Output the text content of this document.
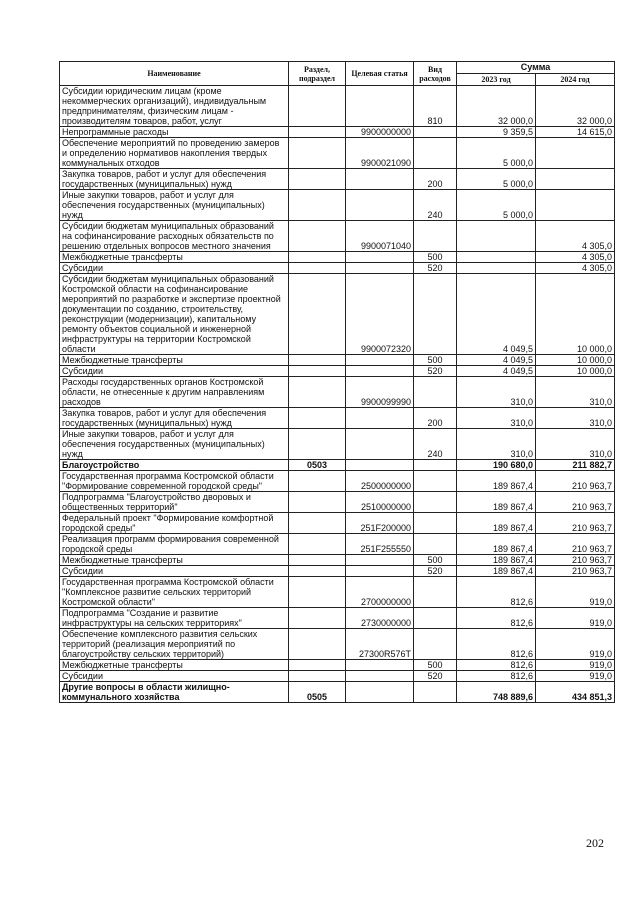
Наименование	Раздел, подраздел	Целевая статья	Вид расходов	Сумма	
				2023 год	2024 год
Субсидии юридическим лицам (кроме некоммерческих организаций), индивидуальным предпринимателям, физическим лицам - производителям товаров, работ, услуг			810	32 000,0	32 000,0
Непрограммные расходы		9900000000		9 359,5	14 615,0
Обеспечение мероприятий по проведению замеров и определению нормативов накопления твердых коммунальных отходов		9900021090		5 000,0	
Закупка товаров, работ и услуг для обеспечения государственных (муниципальных) нужд			200	5 000,0	
Иные закупки товаров, работ и услуг для обеспечения государственных (муниципальных) нужд			240	5 000,0	
Субсидии бюджетам муниципальных образований на софинансирование расходных обязательств по решению отдельных вопросов местного значения		9900071040			4 305,0
Межбюджетные трансферты			500		4 305,0
Субсидии			520		4 305,0
Субсидии бюджетам муниципальных образований Костромской области на софинансирование мероприятий по разработке и экспертизе проектной документации по созданию, строительству, реконструкции (модернизации), капитальному ремонту объектов социальной и инженерной инфраструктуры на территории Костромской области		9900072320		4 049,5	10 000,0
Межбюджетные трансферты			500	4 049,5	10 000,0
Субсидии			520	4 049,5	10 000,0
Расходы государственных органов Костромской области, не отнесенные к другим направлениям расходов		9900099990		310,0	310,0
Закупка товаров, работ и услуг для обеспечения государственных (муниципальных) нужд			200	310,0	310,0
Иные закупки товаров, работ и услуг для обеспечения государственных (муниципальных) нужд			240	310,0	310,0
Благоустройство	0503			190 680,0	211 882,7
Государственная программа Костромской области "Формирование современной городской среды"		2500000000		189 867,4	210 963,7
Подпрограмма "Благоустройство дворовых и общественных территорий"		2510000000		189 867,4	210 963,7
Федеральный проект "Формирование комфортной городской среды"		251F200000		189 867,4	210 963,7
Реализация программ формирования современной городской среды		251F255550		189 867,4	210 963,7
Межбюджетные трансферты			500	189 867,4	210 963,7
Субсидии			520	189 867,4	210 963,7
Государственная программа Костромской области "Комплексное развитие сельских территорий Костромской области"		2700000000		812,6	919,0
Подпрограмма "Создание и развитие инфраструктуры на сельских территориях"		2730000000		812,6	919,0
Обеспечение комплексного развития сельских территорий (реализация мероприятий по благоустройству сельских территорий)		27300R576T		812,6	919,0
Межбюджетные трансферты			500	812,6	919,0
Субсидии			520	812,6	919,0
Другие вопросы в области жилищно-коммунального хозяйства	0505			748 889,6	434 851,3
202
